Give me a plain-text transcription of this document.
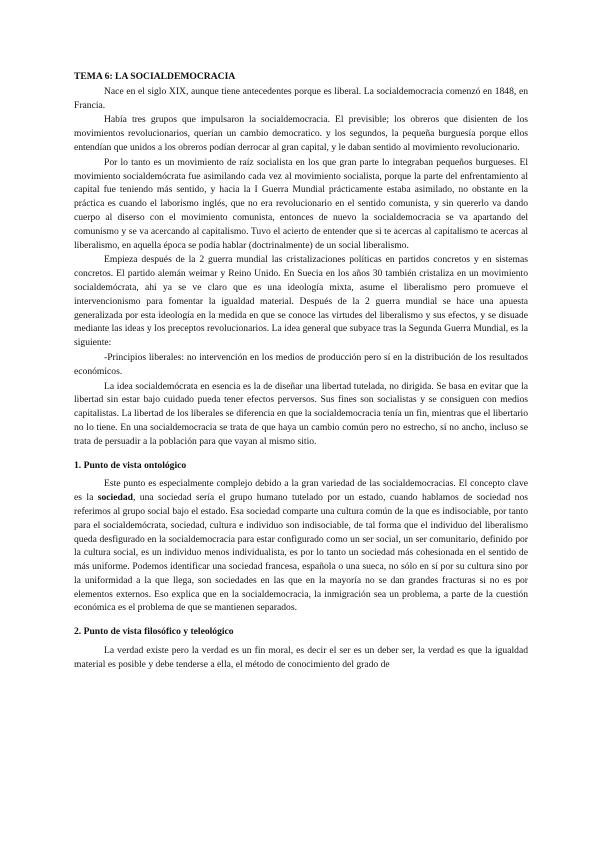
TEMA 6: LA SOCIALDEMOCRACIA

Nace en el siglo XIX, aunque tiene antecedentes porque es liberal. La socialdemocracia comenzó en 1848, en Francia.

Había tres grupos que impulsaron la socialdemocracia. El previsible; los obreros que disienten de los movimientos revolucionarios, querían un cambio democratico. y los segundos, la pequeña burguesía porque ellos entendían que unidos a los obreros podían derrocar al gran capital, y le daban sentido al movimiento revolucionario.

Por lo tanto es un movimiento de raíz socialista en los que gran parte lo integraban pequeños burgueses. El movimiento socialdemócrata fue asimilando cada vez al movimiento socialista, porque la parte del enfrentamiento al capital fue teniendo más sentido, y hacia la I Guerra Mundial prácticamente estaba asimilado, no obstante en la práctica es cuando el laborismo inglés, que no era revolucionario en el sentido comunista, y sin quererlo va dando cuerpo al diserso con el movimiento comunista, entonces de nuevo la socialdemocracia se va apartando del comunismo y se va acercando al capitalismo. Tuvo el acierto de entender que si te acercas al capitalismo te acercas al liberalismo, en aquella época se podía hablar (doctrinalmente) de un social liberalismo.

Empieza después de la 2 guerra mundial las cristalizaciones políticas en partidos concretos y en sistemas concretos. El partido alemán weimar y Reino Unido. En Suecia en los años 30 también cristaliza en un movimiento socialdemócrata, ahí ya se ve claro que es una ideología mixta, asume el liberalismo pero promueve el intervencionismo para fomentar la igualdad material. Después de la 2 guerra mundial se hace una apuesta generalizada por esta ideología en la medida en que se conoce las virtudes del liberalismo y sus efectos, y se disuade mediante las ideas y los preceptos revolucionarios. La idea general que subyace tras la Segunda Guerra Mundial, es la siguiente:

-Principios liberales: no intervención en los medios de producción pero sí en la distribución de los resultados económicos.

La idea socialdemócrata en esencia es la de diseñar una libertad tutelada, no dirigida. Se basa en evitar que la libertad sin estar bajo cuidado pueda tener efectos perversos. Sus fines son socialistas y se consiguen con medios capitalistas. La libertad de los liberales se diferencia en que la socialdemocracia tenía un fin, mientras que el libertario no lo tiene. En una socialdemocracia se trata de que haya un cambio común pero no estrecho, sí no ancho, incluso se trata de persuadir a la población para que vayan al mismo sitio.

1. Punto de vista ontológico

Este punto es especialmente complejo debido a la gran variedad de las socialdemocracias. El concepto clave es la sociedad, una sociedad sería el grupo humano tutelado por un estado, cuando hablamos de sociedad nos referimos al grupo social bajo el estado. Esa sociedad comparte una cultura común de la que es indisociable, por tanto para el socialdemócrata, sociedad, cultura e individuo son indisociable, de tal forma que el individuo del liberalismo queda desfigurado en la socialdemocracia para estar configurado como un ser social, un ser comunitario, definido por la cultura social, es un individuo menos individualista, es por lo tanto un sociedad más cohesionada en el sentido de más uniforme. Podemos identificar una sociedad francesa, española o una sueca, no sólo en sí por su cultura sino por la uniformidad a la que llega, son sociedades en las que en la mayoría no se dan grandes fracturas si no es por elementos externos. Eso explica que en la socialdemocracia, la inmigración sea un problema, a parte de la cuestión económica es el problema de que se mantienen separados.

2. Punto de vista filosófico y teleológico

La verdad existe pero la verdad es un fin moral, es decir el ser es un deber ser, la verdad es que la igualdad material es posible y debe tenderse a ella, el método de conocimiento del grado de
